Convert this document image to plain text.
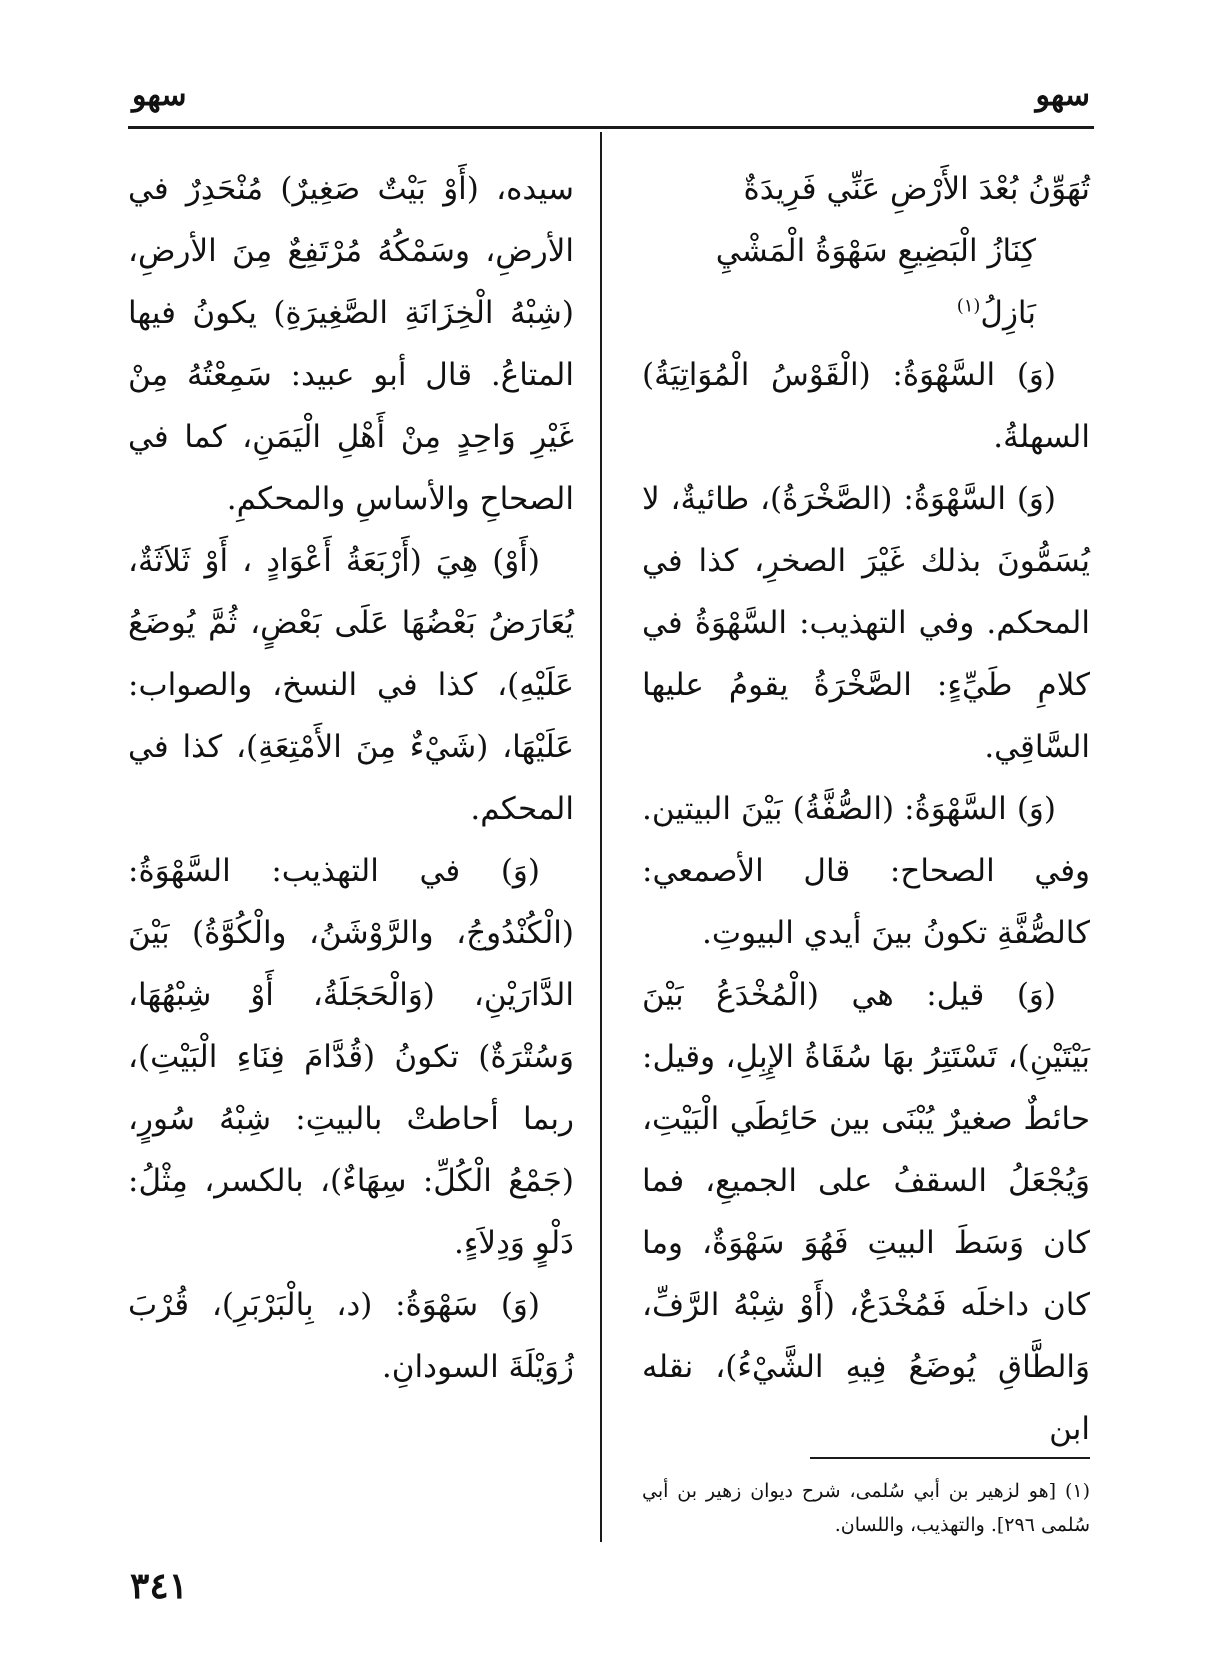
سهو
سهو
تُهَوِّنُ بُعْدَ الأَرْضِ عَنِّي فَرِيدَةٌ
كِنَازُ الْبَضِيعِ سَهْوَةُ الْمَشْيِ بَازِلُ$^{(١)}$

(وَ) السَّهْوَةُ: (الْقَوْسُ الْمُوَاتِيَةُ) السهلةُ.

(وَ) السَّهْوَةُ: (الصَّخْرَةُ)، طائيةٌ، لا يُسَمُّونَ بذلك غَيْرَ الصخرِ، كذا في المحكم. وفي التهذيب: السَّهْوَةُ في كلامِ طَيِّءٍ: الصَّخْرَةُ يقومُ عليها السَّاقِي.

(وَ) السَّهْوَةُ: (الصُّفَّةُ) بَيْنَ البيتين. وفي الصحاح: قال الأصمعي: كالصُّفَّةِ تكونُ بينَ أيدي البيوتِ.

(وَ) قيل: هي (الْمُخْدَعُ بَيْنَ بَيْتَيْنِ)، تَسْتَتِرُ بهَا سُقَاةُ الإِبِلِ، وقيل: حائطٌ صغيرٌ يُبْنَى بين حَائِطَي الْبَيْتِ، وَيُجْعَلُ السقفُ على الجميعِ، فما كان وَسَطَ البيتِ فَهُوَ سَهْوَةٌ، وما كان داخلَه فَمُخْدَعٌ، (أَوْ شِبْهُ الرَّفِّ، وَالطَّاقِ يُوضَعُ فِيهِ الشَّيْءُ)، نقله ابن

سيده، (أَوْ بَيْتٌ صَغِيرٌ) مُنْحَدِرٌ في الأرضِ، وسَمْكُهُ مُرْتَفِعٌ مِنَ الأرضِ، (شِبْهُ الْخِزَانَةِ الصَّغِيرَةِ) يكونُ فيها المتاعُ. قال أبو عبيد: سَمِعْتُهُ مِنْ غَيْرِ وَاحِدٍ مِنْ أَهْلِ الْيَمَنِ، كما في الصحاحِ والأساسِ والمحكمِ.

(أَوْ) هِيَ (أَرْبَعَةُ أَعْوَادٍ ، أَوْ ثَلاَثَةٌ، يُعَارَضُ بَعْضُهَا عَلَى بَعْضٍ، ثُمَّ يُوضَعُ عَلَيْهِ)، كذا في النسخ، والصواب: عَلَيْهَا، (شَيْءٌ مِنَ الأَمْتِعَةِ)، كذا في المحكم.

(وَ) في التهذيب: السَّهْوَةُ: (الْكُنْدُوجُ، والرَّوْشَنُ، والْكُوَّةُ) بَيْنَ الدَّارَيْنِ، (وَالْحَجَلَةُ، أَوْ شِبْهُهَا، وَسُتْرَةٌ) تكونُ (قُدَّامَ فِنَاءِ الْبَيْتِ)، ربما أحاطتْ بالبيتِ: شِبْهُ سُورٍ، (جَمْعُ الْكُلِّ: سِهَاءٌ)، بالكسر، مِثْلُ: دَلْوٍ وَدِلاَءٍ.

(وَ) سَهْوَةُ: (د، بِالْبَرْبَرِ)، قُرْبَ زُوَيْلَةَ السودانِ.

(١) [هو لزهير بن أبي سُلمى، شرح ديوان زهير بن أبي سُلمى ٢٩٦]. والتهذيب، واللسان.
٣٤١
